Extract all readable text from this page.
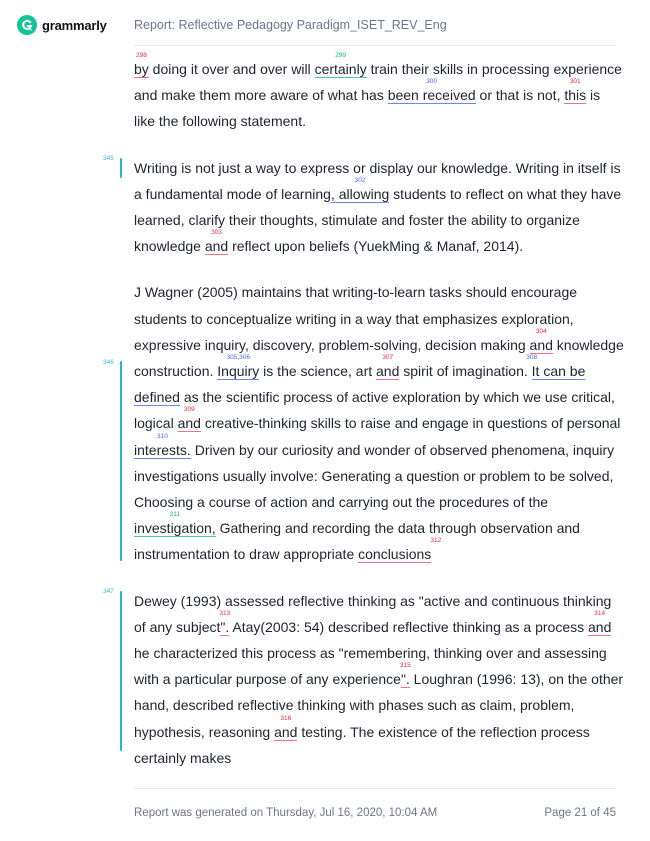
grammarly Report: Reflective Pedagogy Paradigm_ISET_REV_Eng
298
by doing it over and over will
299
certainly train their skills in processing experience and make them more aware of what has
300
been received or that is not,
301
this is like the following statement.
345
Writing is not just a way to express or display our knowledge. Writing in itself is a fundamental mode of learning
302
, allowing students to reflect on what they have learned, clarify their thoughts, stimulate and foster the ability to organize knowledge
303
and reflect upon beliefs (YuekMing & Manaf, 2014).
346
J Wagner (2005) maintains that writing-to-learn tasks should encourage students to conceptualize writing in a way that emphasizes exploration, expressive inquiry, discovery, problem-solving, decision making
304
and knowledge construction.
305,306
Inquiry is the science, art
307
and spirit of imagination.
308
It can be defined as the scientific process of active exploration by which we use critical, logical
309
and creative-thinking skills to raise and engage in questions of personal
310
interests. Driven by our curiosity and wonder of observed phenomena, inquiry investigations usually involve: Generating a question or problem to be solved, Choosing a course of action and carrying out the procedures of the
311
investigation, Gathering and recording the data through observation and instrumentation to draw appropriate
312
conclusions
347
Dewey (1993) assessed reflective thinking as "active and continuous thinking of any subject
313
". Atay(2003: 54) described reflective thinking as a process
314
and he characterized this process as "remembering, thinking over and assessing with a particular purpose of any experience
315
". Loughran (1996: 13), on the other hand, described reflective thinking with phases such as claim, problem, hypothesis, reasoning
316
and testing. The existence of the reflection process certainly makes
Report was generated on Thursday, Jul 16, 2020, 10:04 AM	Page 21 of 45
